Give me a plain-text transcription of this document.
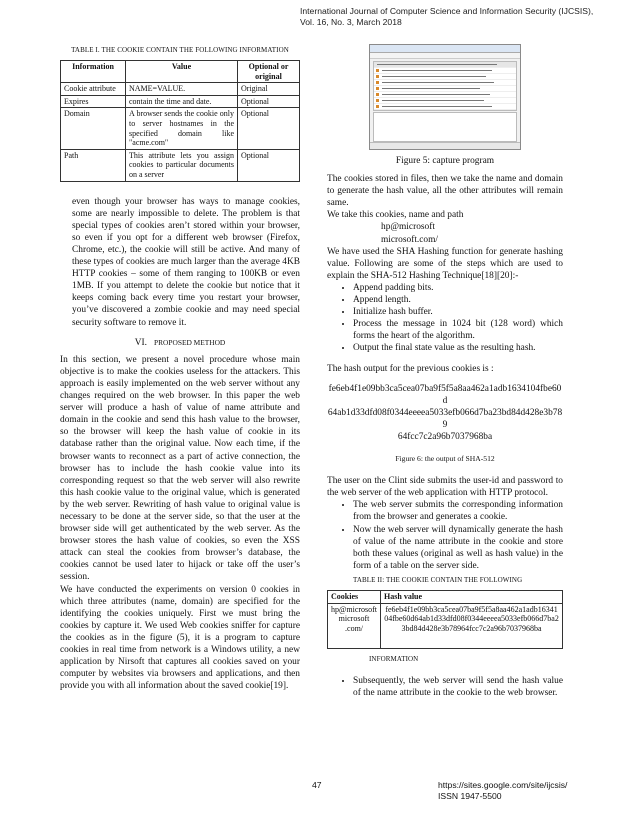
International Journal of Computer Science and Information Security (IJCSIS),
Vol. 16, No. 3, March 2018
TABLE I. THE COOKIE CONTAIN THE FOLLOWING INFORMATION
Information	Value	Optional or original
Cookie attribute	NAME=VALUE.	Original
Expires	contain the time and date.	Optional
Domain	A browser sends the cookie only to server hostnames in the specified domain like "acme.com"	Optional
Path	This attribute lets you assign cookies to particular documents on a server	Optional

even though your browser has ways to manage cookies, some are nearly impossible to delete. The problem is that special types of cookies aren’t stored within your browser, so even if you opt for a different web browser (Firefox, Chrome, etc.), the cookie will still be active. And many of these types of cookies are much larger than the average 4KB HTTP cookies – some of them ranging to 100KB or even 1MB. If you attempt to delete the cookie but notice that it keeps coming back every time you restart your browser, you’ve discovered a zombie cookie and may need special security software to remove it.

VI. PROPOSED METHOD

In this section, we present a novel procedure whose main objective is to make the cookies useless for the attackers. This approach is easily implemented on the web server without any changes required on the web browser. In this paper the web server will produce a hash of value of name attribute and domain in the cookie and send this hash value to the browser, so the browser will keep the hash value of cookie in its database rather than the original value. Now each time, if the browser wants to reconnect as a part of active connection, the browser has to include the hash cookie value into its corresponding request so that the web server will also rewrite this hash cookie value to the original value, which is generated by the web server. Rewriting of hash value to original value is necessary to be done at the server side, so that the user at the browser side will get authenticated by the web server. As the browser stores the hash value of cookies, so even the XSS attack can steal the cookies from browser’s database, the cookies cannot be used later to hijack or take off the user’s session.

We have conducted the experiments on version 0 cookies in which three attributes (name, domain) are specified for the identifying the cookies uniquely. First we must bring the cookies by capture it. We used Web cookies sniffer for capture the cookies as in the figure (5), it is a program to capture cookies in real time from network is a Windows utility, a new application by Nirsoft that captures all cookies saved on your computer by websites via browsers and applications, and then provide you with all information about the saved cookie[19].

Figure 5: capture program

The cookies stored in files, then we take the name and domain to generate the hash value, all the other attributes will remain same.

We take this cookies, name and path

hp@microsoft
microsoft.com/

We have used the SHA Hashing function for generate hashing value. Following are some of the steps which are used to explain the SHA-512 Hashing Technique[18][20]:-

• Append padding bits.
• Append length.
• Initialize hash buffer.
• Process the message in 1024 bit (128 word) which forms the heart of the algorithm.
• Output the final state value as the resulting hash.

The hash output for the previous cookies is :

fe6eb4f1e09bb3ca5cea07ba9f5f5a8aa462a1adb1634104fbe60d
64ab1d33dfd08f0344eeeea5033efb066d7ba23bd84d428e3b789
64fcc7c2a96b7037968ba
Figure 6: the output of SHA-512

The user on the Clint side submits the user-id and password to the web server of the web application with HTTP protocol.

• The web server submits the corresponding information from the browser and generates a cookie.
• Now the web server will dynamically generate the hash of value of the name attribute in the cookie and store both these values (original as well as hash value) in the form of a table on the server side.
TABLE II: THE COOKIE CONTAIN THE FOLLOWING
Cookies	Hash value
hp@microsoft microsoft .com/	fe6eb4f1e09bb3ca5cea07ba9f5f5a8aa462a1adb1634104fbe60d64ab1d33dfd08f0344eeeea5033efb066d7ba23bd84d428e3b78964fcc7c2a96b7037968ba
INFORMATION
• Subsequently, the web server will send the hash value of the name attribute in the cookie to the web browser.
47	https://sites.google.com/site/ijcsis/
ISSN 1947-5500
